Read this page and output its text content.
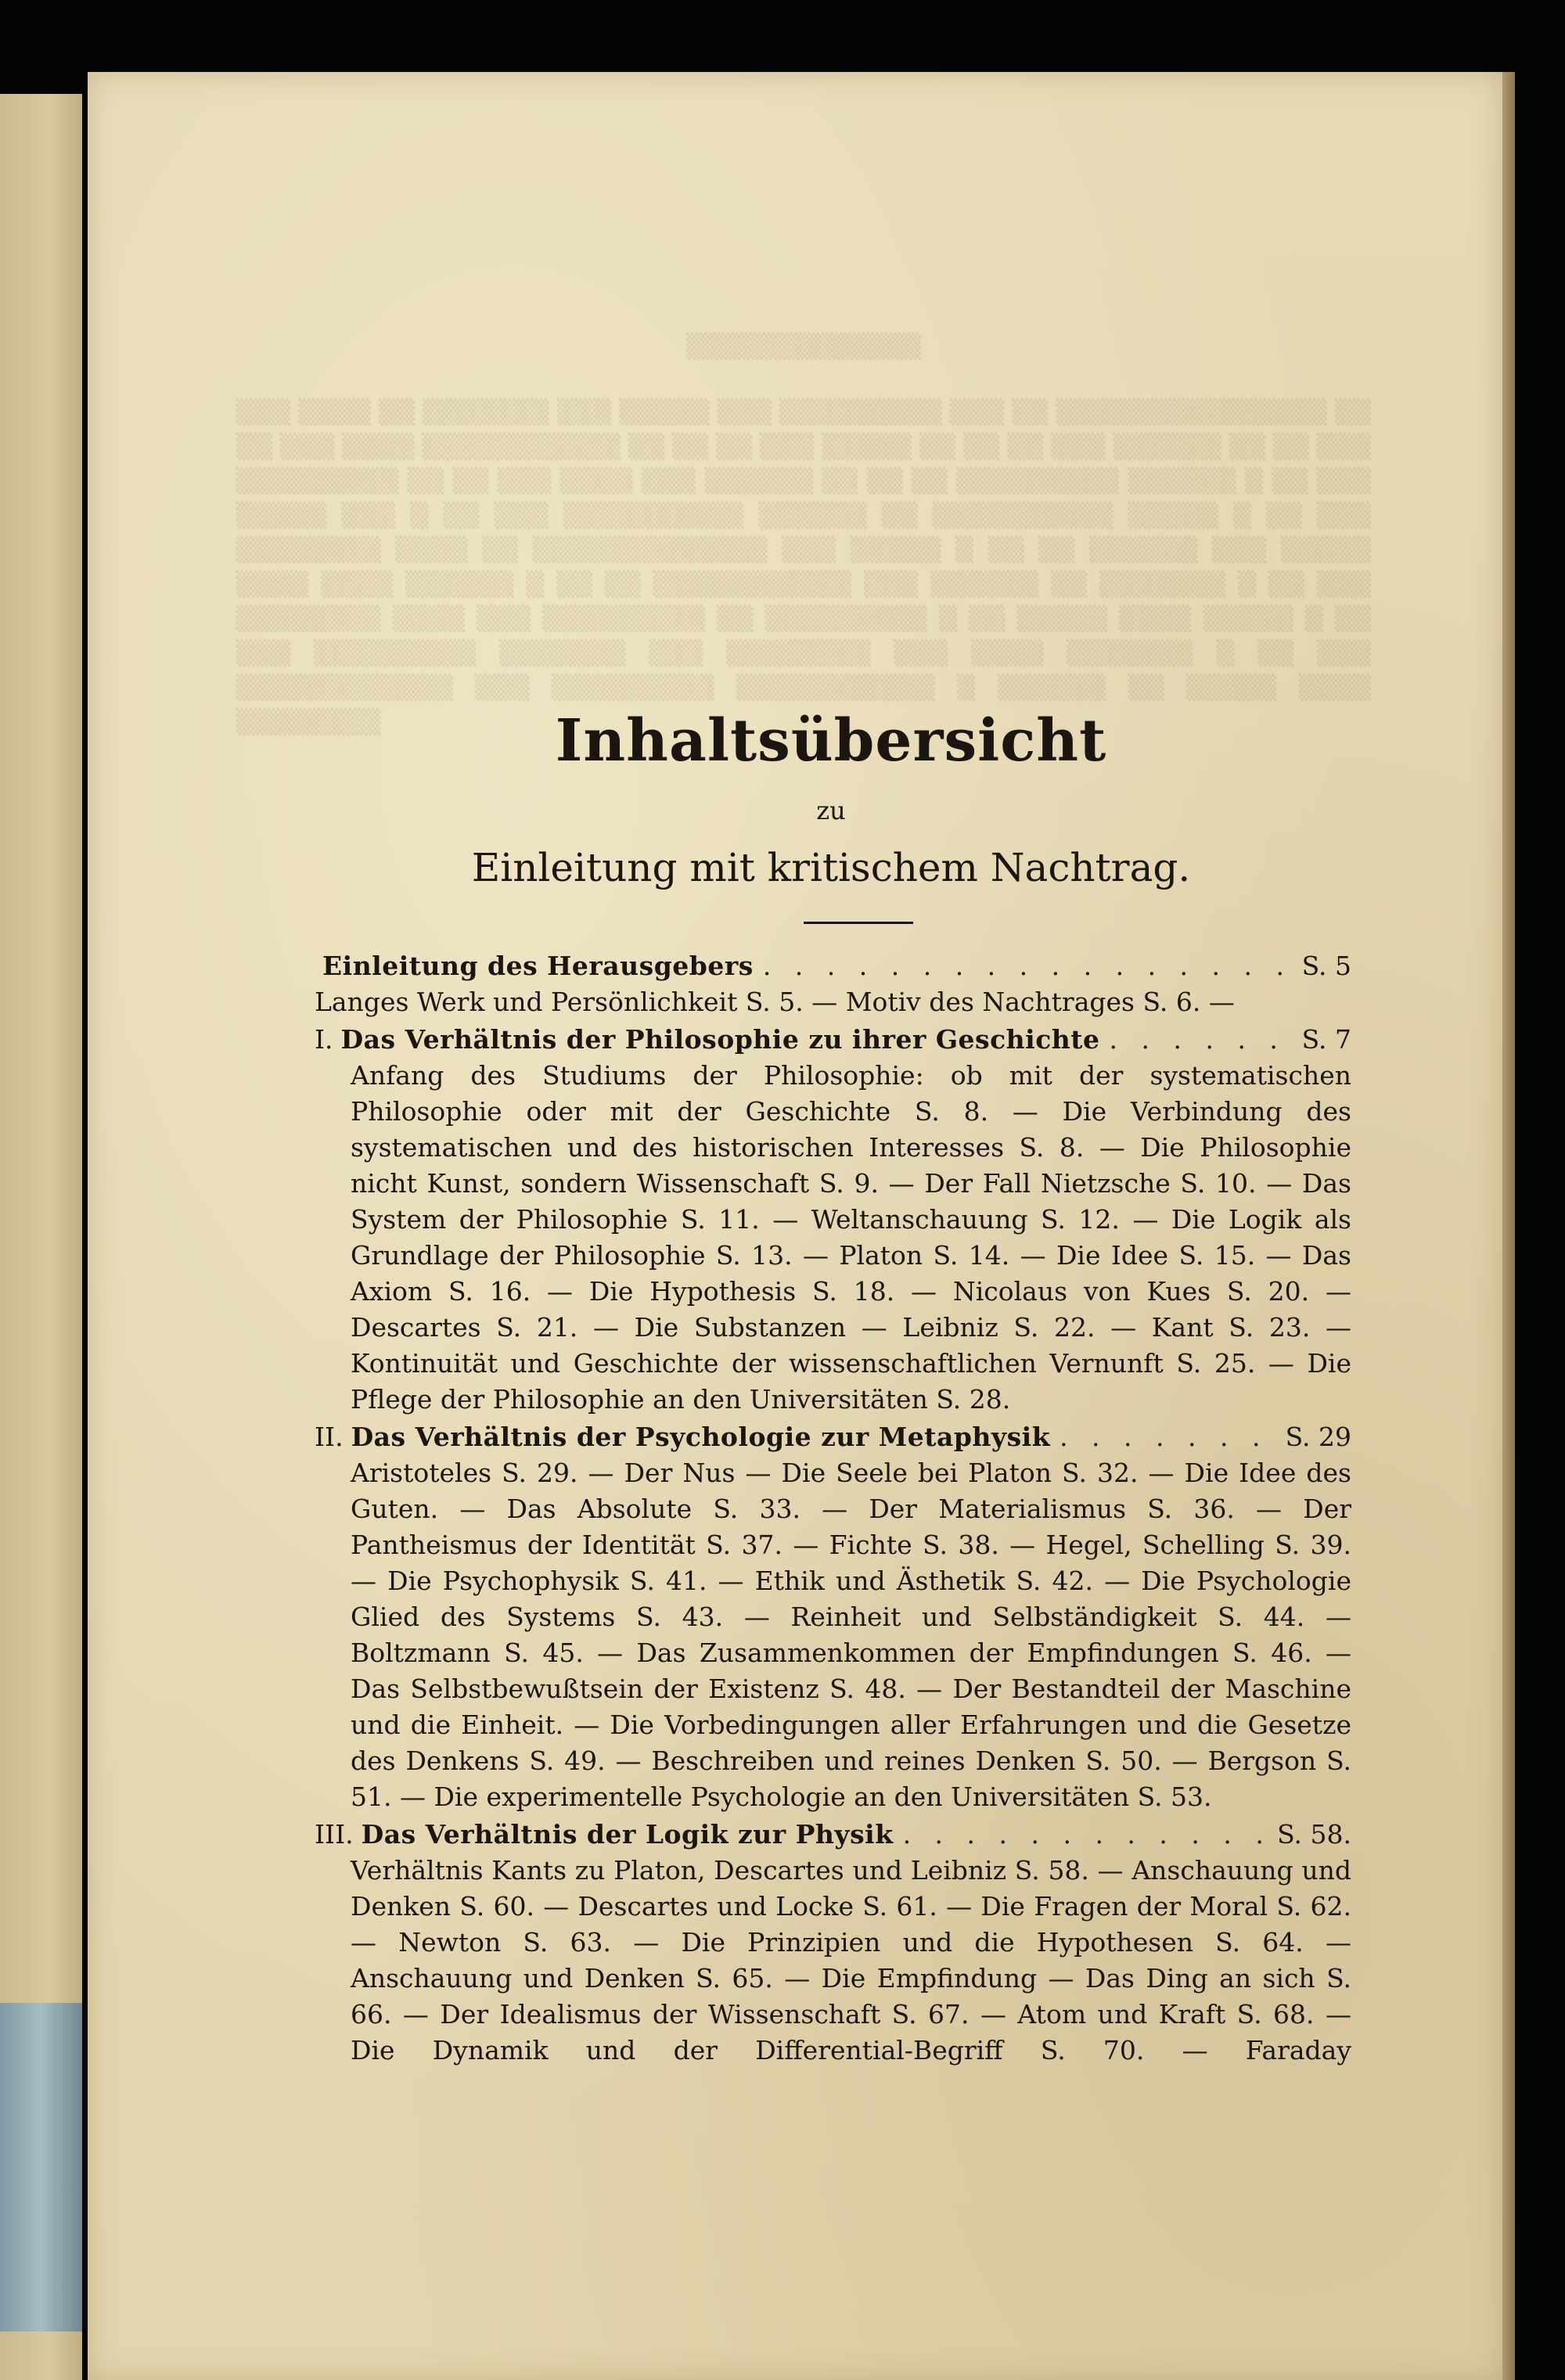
▒▒▒▒▒▒▒▒▒▒▒▒▒
▒▒▒ ▒▒▒▒ ▒▒ ▒▒▒▒▒▒▒ ▒▒▒ ▒▒▒▒▒ ▒▒▒ ▒▒▒▒▒▒▒▒▒ ▒▒▒ ▒▒ ▒▒▒▒▒▒▒▒▒▒▒▒▒▒▒ ▒▒ ▒▒ ▒▒▒ ▒▒▒▒ ▒▒▒▒▒▒▒▒▒▒▒ ▒▒ ▒▒ ▒▒ ▒▒▒ ▒▒▒▒▒ ▒▒ ▒▒ ▒▒ ▒▒▒ ▒▒▒▒▒▒ ▒▒ ▒▒ ▒▒▒ ▒▒▒▒▒▒▒▒▒ ▒▒ ▒▒ ▒▒▒ ▒▒▒▒ ▒▒▒ ▒▒▒▒▒▒ ▒▒ ▒▒ ▒▒ ▒▒▒▒▒▒▒▒▒ ▒▒▒▒▒▒ ▒ ▒▒ ▒▒▒ ▒▒▒▒▒ ▒▒▒ ▒ ▒▒ ▒▒▒ ▒▒▒▒▒▒▒▒▒▒ ▒▒▒▒▒▒ ▒▒ ▒▒▒▒▒▒▒▒▒▒ ▒▒▒▒▒ ▒ ▒▒ ▒▒▒ ▒▒▒▒▒▒▒▒ ▒▒▒▒ ▒▒ ▒▒▒▒▒▒▒▒▒▒▒▒▒ ▒▒▒ ▒▒▒▒▒ ▒ ▒▒ ▒▒ ▒▒▒▒▒▒ ▒▒▒ ▒▒▒▒▒ ▒▒▒▒ ▒▒▒▒ ▒▒▒▒▒▒ ▒ ▒▒ ▒▒ ▒▒▒▒▒▒▒▒▒▒▒ ▒▒▒ ▒▒▒▒▒▒ ▒▒ ▒▒▒▒▒▒▒ ▒ ▒▒ ▒▒▒ ▒▒▒▒▒▒▒▒ ▒▒▒▒ ▒▒▒ ▒▒▒▒▒▒▒▒▒ ▒▒ ▒▒▒▒▒▒▒▒▒ ▒ ▒▒ ▒▒▒▒▒ ▒▒▒▒ ▒▒▒▒▒ ▒ ▒▒ ▒▒▒ ▒▒▒▒▒▒▒▒▒ ▒▒▒▒▒▒▒ ▒▒▒ ▒▒▒▒▒▒▒▒ ▒▒▒ ▒▒▒▒ ▒▒▒▒▒▒▒ ▒ ▒▒ ▒▒▒ ▒▒▒▒▒▒▒▒▒▒▒▒ ▒▒▒ ▒▒▒▒▒▒▒▒▒ ▒▒▒▒▒▒▒▒▒▒▒ ▒ ▒▒▒▒▒▒ ▒▒ ▒▒▒▒▒ ▒▒▒▒ ▒▒▒▒▒▒▒▒	Inhaltsübersicht
zu
Einleitung mit kritischem Nachtrag.
Einleitung des Herausgebers . . .	S. 5
Langes Werk und Persönlichkeit S. 5. — Motiv des Nachtrages S. 6. —
I. Das Verhältnis der Philosophie zu ihrer Geschichte . . .	S. 7
Anfang des Studiums der Philosophie: ob mit der systematischen Philosophie oder mit der Geschichte S. 8. — Die Verbindung des systematischen und des historischen Interesses S. 8. — Die Philosophie nicht Kunst, sondern Wissenschaft S. 9. — Der Fall Nietzsche S. 10. — Das System der Philosophie S. 11. — Weltanschauung S. 12. — Die Logik als Grundlage der Philosophie S. 13. — Platon S. 14. — Die Idee S. 15. — Das Axiom S. 16. — Die Hypothesis S. 18. — Nicolaus von Kues S. 20. — Descartes S. 21. — Die Substanzen — Leibniz S. 22. — Kant S. 23. — Kontinuität und Geschichte der wissenschaftlichen Vernunft S. 25. — Die Pflege der Philosophie an den Universitäten S. 28.
II. Das Verhältnis der Psychologie zur Metaphysik . . .	S. 29
Aristoteles S. 29. — Der Nus — Die Seele bei Platon S. 32. — Die Idee des Guten. — Das Absolute S. 33. — Der Materialismus S. 36. — Der Pantheismus der Identität S. 37. — Fichte S. 38. — Hegel, Schelling S. 39. — Die Psychophysik S. 41. — Ethik und Ästhetik S. 42. — Die Psychologie Glied des Systems S. 43. — Reinheit und Selbständigkeit S. 44. — Boltzmann S. 45. — Das Zusammenkommen der Empfindungen S. 46. — Das Selbstbewußtsein der Existenz S. 48. — Der Bestandteil der Maschine und die Einheit. — Die Vorbedingungen aller Erfahrungen und die Gesetze des Denkens S. 49. — Beschreiben und reines Denken S. 50. — Bergson S. 51. — Die experimentelle Psychologie an den Universitäten S. 53.
III. Das Verhältnis der Logik zur Physik . . .	S. 58.
Verhältnis Kants zu Platon, Descartes und Leibniz S. 58. — Anschauung und Denken S. 60. — Descartes und Locke S. 61. — Die Fragen der Moral S. 62. — Newton S. 63. — Die Prinzipien und die Hypothesen S. 64. — Anschauung und Denken S. 65. — Die Empfindung — Das Ding an sich S. 66. — Der Idealismus der Wissenschaft S. 67. — Atom und Kraft S. 68. — Die Dynamik und der Differential-Begriff S. 70. — Faraday
